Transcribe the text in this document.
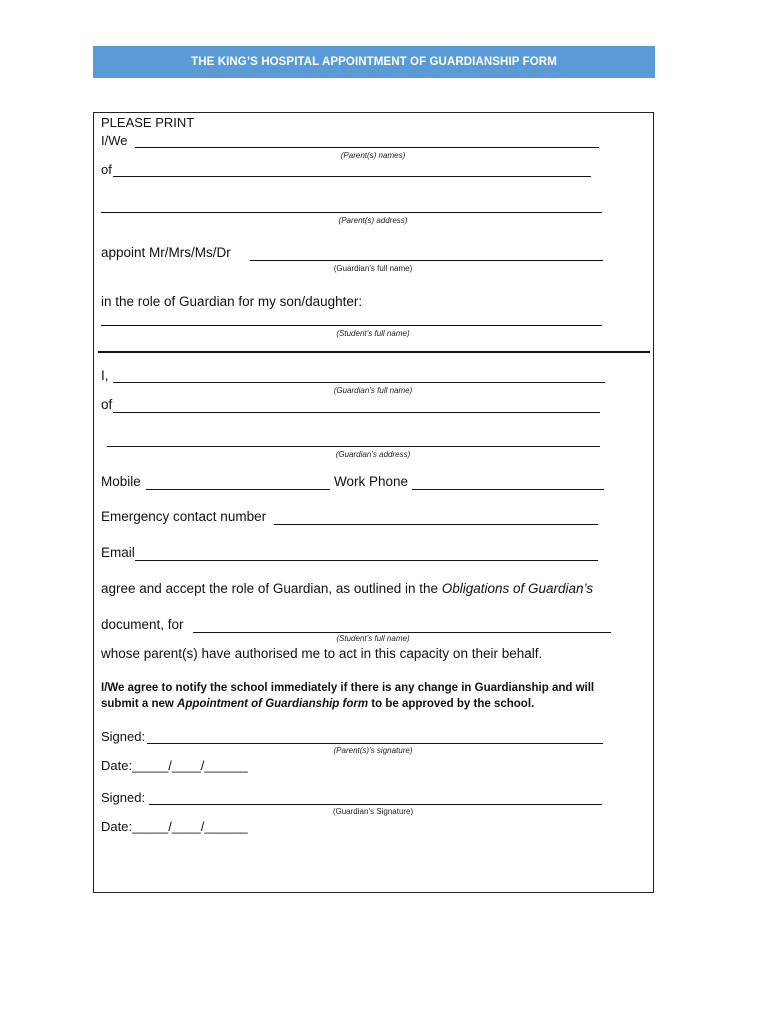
THE KING’S HOSPITAL APPOINTMENT OF GUARDIANSHIP FORM
PLEASE PRINT
I/We
(Parent(s) names)
of
(Parent(s) address)
appoint Mr/Mrs/Ms/Dr
(Guardian’s full name)
in the role of Guardian for my son/daughter:
(Student’s full name)
I,
(Guardian’s full name)
of
(Guardian’s address)
Mobile	Work Phone
Emergency contact number
Email
agree and accept the role of Guardian, as outlined in the Obligations of Guardian’s
document, for
(Student’s full name)
whose parent(s) have authorised me to act in this capacity on their behalf.
I/We agree to notify the school immediately if there is any change in Guardianship and will
submit a new Appointment of Guardianship form to be approved by the school.
Signed:
(Parent(s)’s signature)
Date:_____/____/______
Signed:
(Guardian’s Signature)
Date:_____/____/______
